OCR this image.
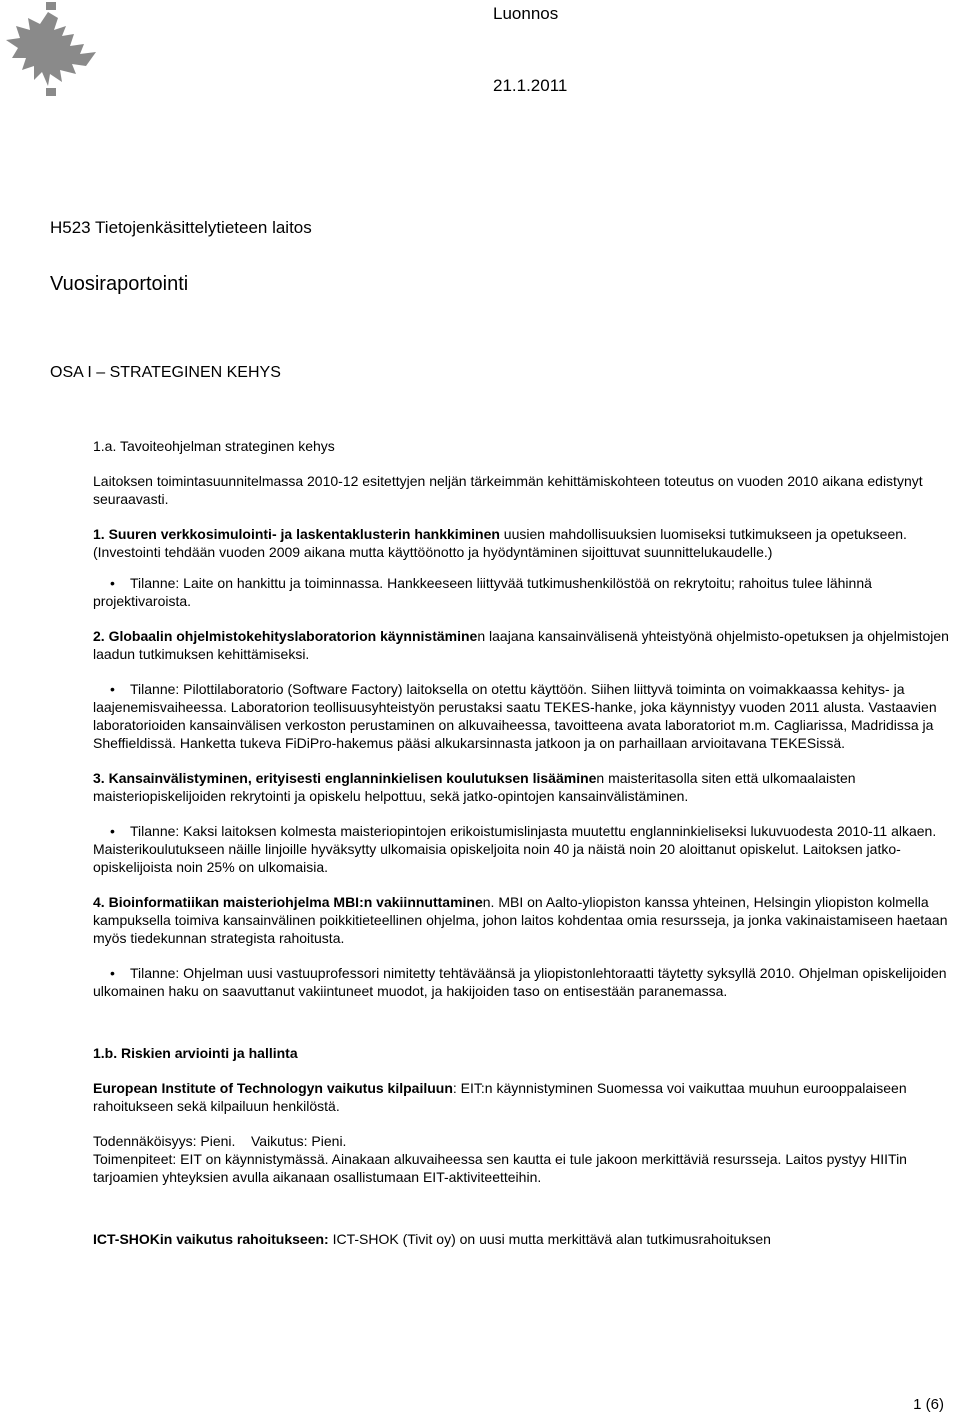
Luonnos
21.1.2011
H523 Tietojenkäsittelytieteen laitos
Vuosiraportointi
OSA I – STRATEGINEN KEHYS

1.a. Tavoiteohjelman strateginen kehys

Laitoksen toimintasuunnitelmassa 2010-12 esitettyjen neljän tärkeimmän kehittämiskohteen toteutus on vuoden 2010 aikana edistynyt seuraavasti.

1. Suuren verkkosimulointi- ja laskentaklusterin hankkiminen uusien mahdollisuuksien luomiseksi tutkimukseen ja opetukseen. (Investointi tehdään vuoden 2009 aikana mutta käyttöönotto ja hyödyntäminen sijoittuvat suunnittelukaudelle.)

• Tilanne: Laite on hankittu ja toiminnassa. Hankkeeseen liittyvää tutkimushenkilöstöä on rekrytoitu; rahoitus tulee lähinnä projektivaroista.

2. Globaalin ohjelmistokehityslaboratorion käynnistäminen laajana kansainvälisenä yhteistyönä ohjelmisto-opetuksen ja ohjelmistojen laadun tutkimuksen kehittämiseksi.

• Tilanne: Pilottilaboratorio (Software Factory) laitoksella on otettu käyttöön. Siihen liittyvä toiminta on voimakkaassa kehitys- ja laajenemisvaiheessa. Laboratorion teollisuusyhteistyön perustaksi saatu TEKES-hanke, joka käynnistyy vuoden 2011 alusta. Vastaavien laboratorioiden kansainvälisen verkoston perustaminen on alkuvaiheessa, tavoitteena avata laboratoriot m.m. Cagliarissa, Madridissa ja Sheffieldissä. Hanketta tukeva FiDiPro-hakemus pääsi alkukarsinnasta jatkoon ja on parhaillaan arvioitavana TEKESissä.

3. Kansainvälistyminen, erityisesti englanninkielisen koulutuksen lisääminen maisteritasolla siten että ulkomaalaisten maisteriopiskelijoiden rekrytointi ja opiskelu helpottuu, sekä jatko-opintojen kansainvälistäminen.

• Tilanne: Kaksi laitoksen kolmesta maisteriopintojen erikoistumislinjasta muutettu englanninkieliseksi lukuvuodesta 2010-11 alkaen. Maisterikoulutukseen näille linjoille hyväksytty ulkomaisia opiskeljoita noin 40 ja näistä noin 20 aloittanut opiskelut. Laitoksen jatko-opiskelijoista noin 25% on ulkomaisia.

4. Bioinformatiikan maisteriohjelma MBI:n vakiinnuttaminen. MBI on Aalto-yliopiston kanssa yhteinen, Helsingin yliopiston kolmella kampuksella toimiva kansainvälinen poikkitieteellinen ohjelma, johon laitos kohdentaa omia resursseja, ja jonka vakinaistamiseen haetaan myös tiedekunnan strategista rahoitusta.

• Tilanne: Ohjelman uusi vastuuprofessori nimitetty tehtäväänsä ja yliopistonlehtoraatti täytetty syksyllä 2010. Ohjelman opiskelijoiden ulkomainen haku on saavuttanut vakiintuneet muodot, ja hakijoiden taso on entisestään paranemassa.

1.b. Riskien arviointi ja hallinta

European Institute of Technologyn vaikutus kilpailuun: EIT:n käynnistyminen Suomessa voi vaikuttaa muuhun eurooppalaiseen rahoitukseen sekä kilpailuun henkilöstä.

Todennäköisyys: Pieni. Vaikutus: Pieni.

Toimenpiteet: EIT on käynnistymässä. Ainakaan alkuvaiheessa sen kautta ei tule jakoon merkittäviä resursseja. Laitos pystyy HIITin tarjoamien yhteyksien avulla aikanaan osallistumaan EIT-aktiviteetteihin.

ICT-SHOKin vaikutus rahoitukseen: ICT-SHOK (Tivit oy) on uusi mutta merkittävä alan tutkimusrahoituksen

1 (6)
